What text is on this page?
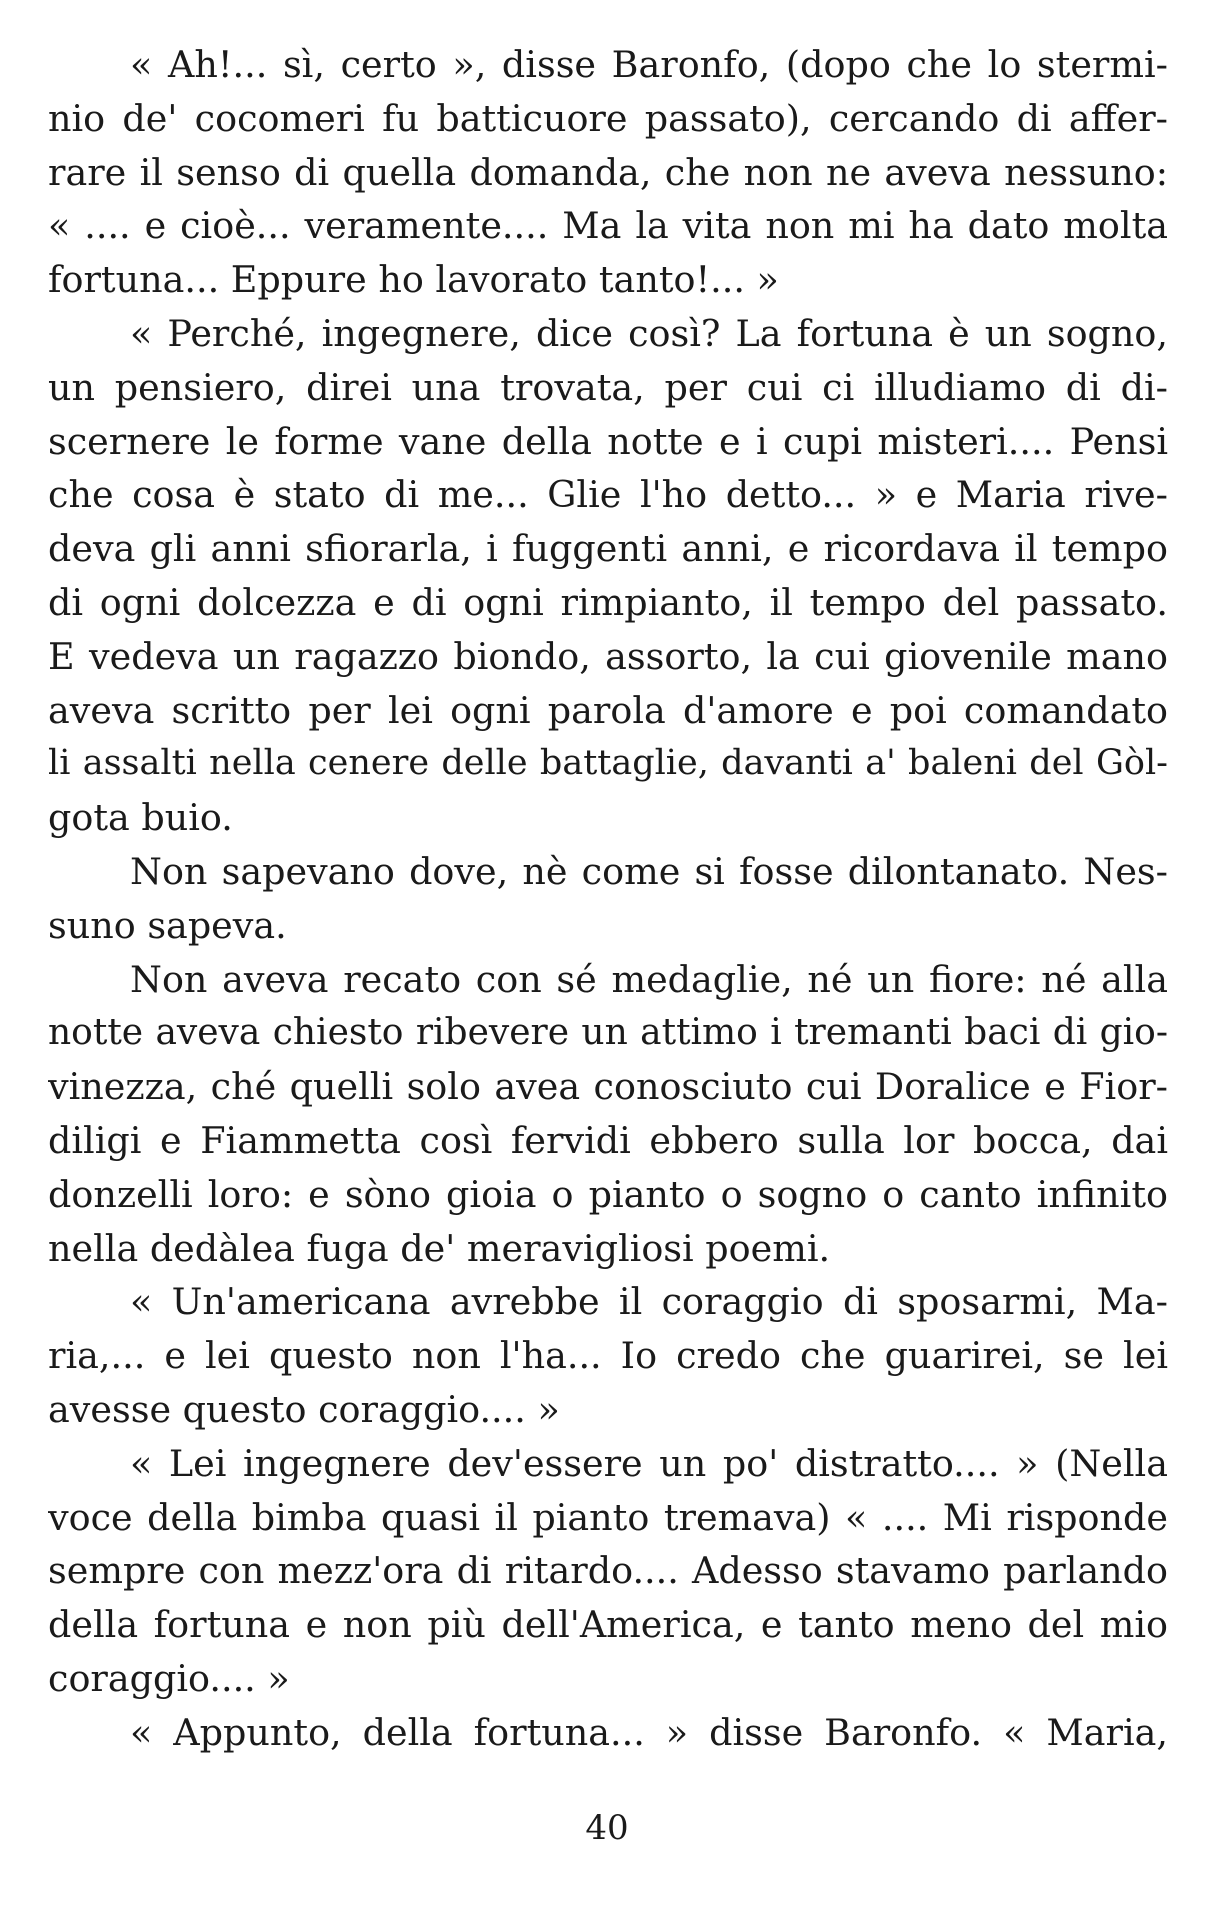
« Ah!... sì, certo », disse Baronfo, (dopo che lo stermi-
nio de' cocomeri fu batticuore passato), cercando di affer-
rare il senso di quella domanda, che non ne aveva nessuno:
« .... e cioè... veramente.... Ma la vita non mi ha dato molta
fortuna... Eppure ho lavorato tanto!... »
« Perché, ingegnere, dice così? La fortuna è un sogno,
un pensiero, direi una trovata, per cui ci illudiamo di di-
scernere le forme vane della notte e i cupi misteri.... Pensi
che cosa è stato di me... Glie l'ho detto... » e Maria rive-
deva gli anni sfiorarla, i fuggenti anni, e ricordava il tempo
di ogni dolcezza e di ogni rimpianto, il tempo del passato.
E vedeva un ragazzo biondo, assorto, la cui giovenile mano
aveva scritto per lei ogni parola d'amore e poi comandato
li assalti nella cenere delle battaglie, davanti a' baleni del Gòl-
gota buio.
Non sapevano dove, nè come si fosse dilontanato. Nes-
suno sapeva.
Non aveva recato con sé medaglie, né un fiore: né alla
notte aveva chiesto ribevere un attimo i tremanti baci di gio-
vinezza, ché quelli solo avea conosciuto cui Doralice e Fior-
diligi e Fiammetta così fervidi ebbero sulla lor bocca, dai
donzelli loro: e sòno gioia o pianto o sogno o canto infinito
nella dedàlea fuga de' meravigliosi poemi.
« Un'americana avrebbe il coraggio di sposarmi, Ma-
ria,... e lei questo non l'ha... Io credo che guarirei, se lei
avesse questo coraggio.... »
« Lei ingegnere dev'essere un po' distratto.... » (Nella
voce della bimba quasi il pianto tremava) « .... Mi risponde
sempre con mezz'ora di ritardo.... Adesso stavamo parlando
della fortuna e non più dell'America, e tanto meno del mio
coraggio.... »
« Appunto, della fortuna... » disse Baronfo. « Maria,
40
